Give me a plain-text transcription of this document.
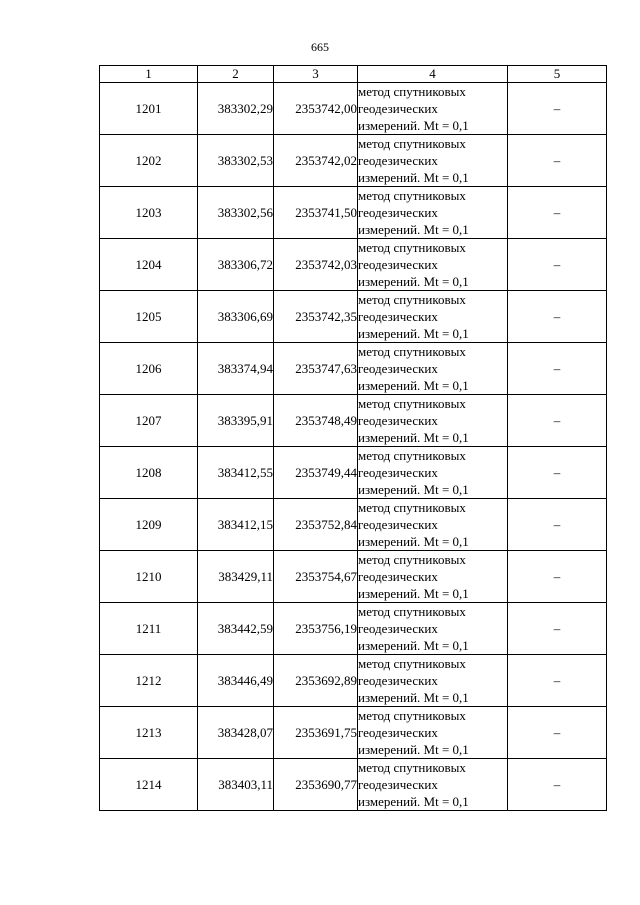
665
1	2	3	4	5
1201	383302,29	2353742,00	метод спутниковых
геодезических
измерений. Mt = 0,1	–
1202	383302,53	2353742,02	метод спутниковых
геодезических
измерений. Mt = 0,1	–
1203	383302,56	2353741,50	метод спутниковых
геодезических
измерений. Mt = 0,1	–
1204	383306,72	2353742,03	метод спутниковых
геодезических
измерений. Mt = 0,1	–
1205	383306,69	2353742,35	метод спутниковых
геодезических
измерений. Mt = 0,1	–
1206	383374,94	2353747,63	метод спутниковых
геодезических
измерений. Mt = 0,1	–
1207	383395,91	2353748,49	метод спутниковых
геодезических
измерений. Mt = 0,1	–
1208	383412,55	2353749,44	метод спутниковых
геодезических
измерений. Mt = 0,1	–
1209	383412,15	2353752,84	метод спутниковых
геодезических
измерений. Mt = 0,1	–
1210	383429,11	2353754,67	метод спутниковых
геодезических
измерений. Mt = 0,1	–
1211	383442,59	2353756,19	метод спутниковых
геодезических
измерений. Mt = 0,1	–
1212	383446,49	2353692,89	метод спутниковых
геодезических
измерений. Mt = 0,1	–
1213	383428,07	2353691,75	метод спутниковых
геодезических
измерений. Mt = 0,1	–
1214	383403,11	2353690,77	метод спутниковых
геодезических
измерений. Mt = 0,1	–
